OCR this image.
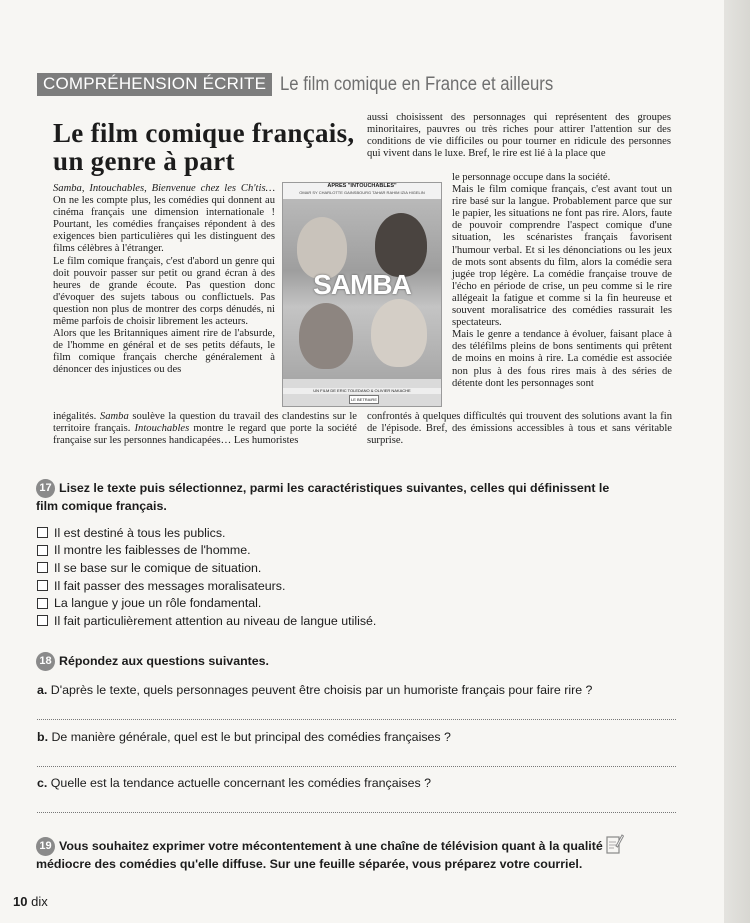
COMPRÉHENSION ÉCRITE Le film comique en France et ailleurs
Le film comique français,
un genre à part

Samba, Intouchables, Bienvenue chez les Ch'tis… On ne les compte plus, les comédies qui donnent au cinéma français une dimension internationale ! Pourtant, les comédies françaises répondent à des exigences bien particulières qui les distinguent des films célèbres à l'étranger.

Le film comique français, c'est d'abord un genre qui doit pouvoir passer sur petit ou grand écran à des heures de grande écoute. Pas question donc d'évoquer des sujets tabous ou conflictuels. Pas question non plus de montrer des corps dénudés, ni même parfois de choisir librement les acteurs.

Alors que les Britanniques aiment rire de l'absurde, de l'homme en général et de ses petits défauts, le film comique français cherche généralement à dénoncer des injustices ou des

inégalités. Samba soulève la question du travail des clandestins sur le territoire français. Intouchables montre le regard que porte la société française sur les personnes handicapées… Les humoristes

APRÈS "INTOUCHABLES"
OMAR SY CHARLOTTE GAINSBOURG TAHAR RAHIM IZIA HIGELIN
SAMBA
UN FILM DE ERIC TOLEDANO & OLIVIER NAKACHE
LE BETRAIRE

aussi choisissent des personnages qui représentent des groupes minoritaires, pauvres ou très riches pour attirer l'attention sur des conditions de vie difficiles ou pour tourner en ridicule des personnes qui vivent dans le luxe. Bref, le rire est lié à la place que

le personnage occupe dans la société.

Mais le film comique français, c'est avant tout un rire basé sur la langue. Probablement parce que sur le papier, les situations ne font pas rire. Alors, faute de pouvoir comprendre l'aspect comique d'une situation, les scénaristes français favorisent l'humour verbal. Et si les dénonciations ou les jeux de mots sont absents du film, alors la comédie sera jugée trop légère. La comédie française trouve de l'écho en période de crise, un peu comme si le rire allégeait la fatigue et comme si la fin heureuse et souvent moralisatrice des comédies rassurait les spectateurs.

Mais le genre a tendance à évoluer, faisant place à des téléfilms pleins de bons sentiments qui prêtent de moins en moins à rire. La comédie est associée non plus à des fous rires mais à des séries de détente dont les personnages sont

confrontés à quelques difficultés qui trouvent des solutions avant la fin de l'épisode. Bref, des émissions accessibles à tous et sans véritable surprise.

17 Lisez le texte puis sélectionnez, parmi les caractéristiques suivantes, celles qui définissent le film comique français.
Il est destiné à tous les publics.
Il montre les faiblesses de l'homme.
Il se base sur le comique de situation.
Il fait passer des messages moralisateurs.
La langue y joue un rôle fondamental.
Il fait particulièrement attention au niveau de langue utilisé.
18 Répondez aux questions suivantes.
a. D'après le texte, quels personnages peuvent être choisis par un humoriste français pour faire rire ?
b. De manière générale, quel est le but principal des comédies françaises ?
c. Quelle est la tendance actuelle concernant les comédies françaises ?
19 Vous souhaitez exprimer votre mécontentement à une chaîne de télévision quant à la qualité médiocre des comédies qu'elle diffuse. Sur une feuille séparée, vous préparez votre courriel.
10 dix
